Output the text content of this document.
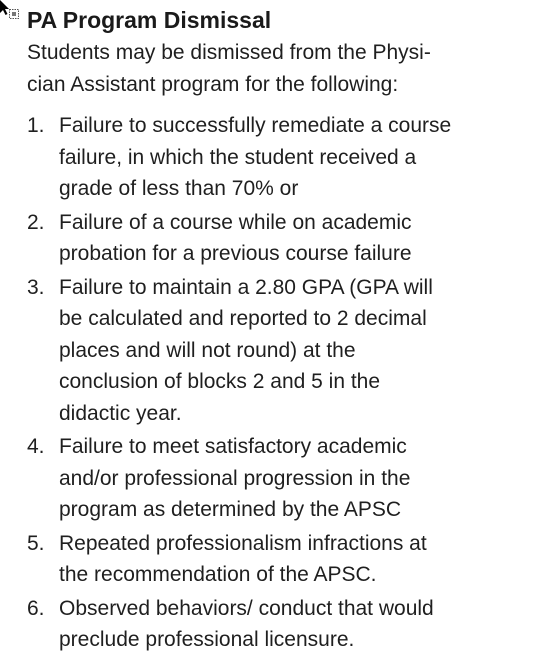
PA Program Dismissal
Students may be dismissed from the Physi-
cian Assistant program for the following:
1. Failure to successfully remediate a course
failure, in which the student received a
grade of less than 70% or
2. Failure of a course while on academic
probation for a previous course failure
3. Failure to maintain a 2.80 GPA (GPA will
be calculated and reported to 2 decimal
places and will not round) at the
conclusion of blocks 2 and 5 in the
didactic year.
4. Failure to meet satisfactory academic
and/or professional progression in the
program as determined by the APSC
5. Repeated professionalism infractions at
the recommendation of the APSC.
6. Observed behaviors/ conduct that would
preclude professional licensure.
